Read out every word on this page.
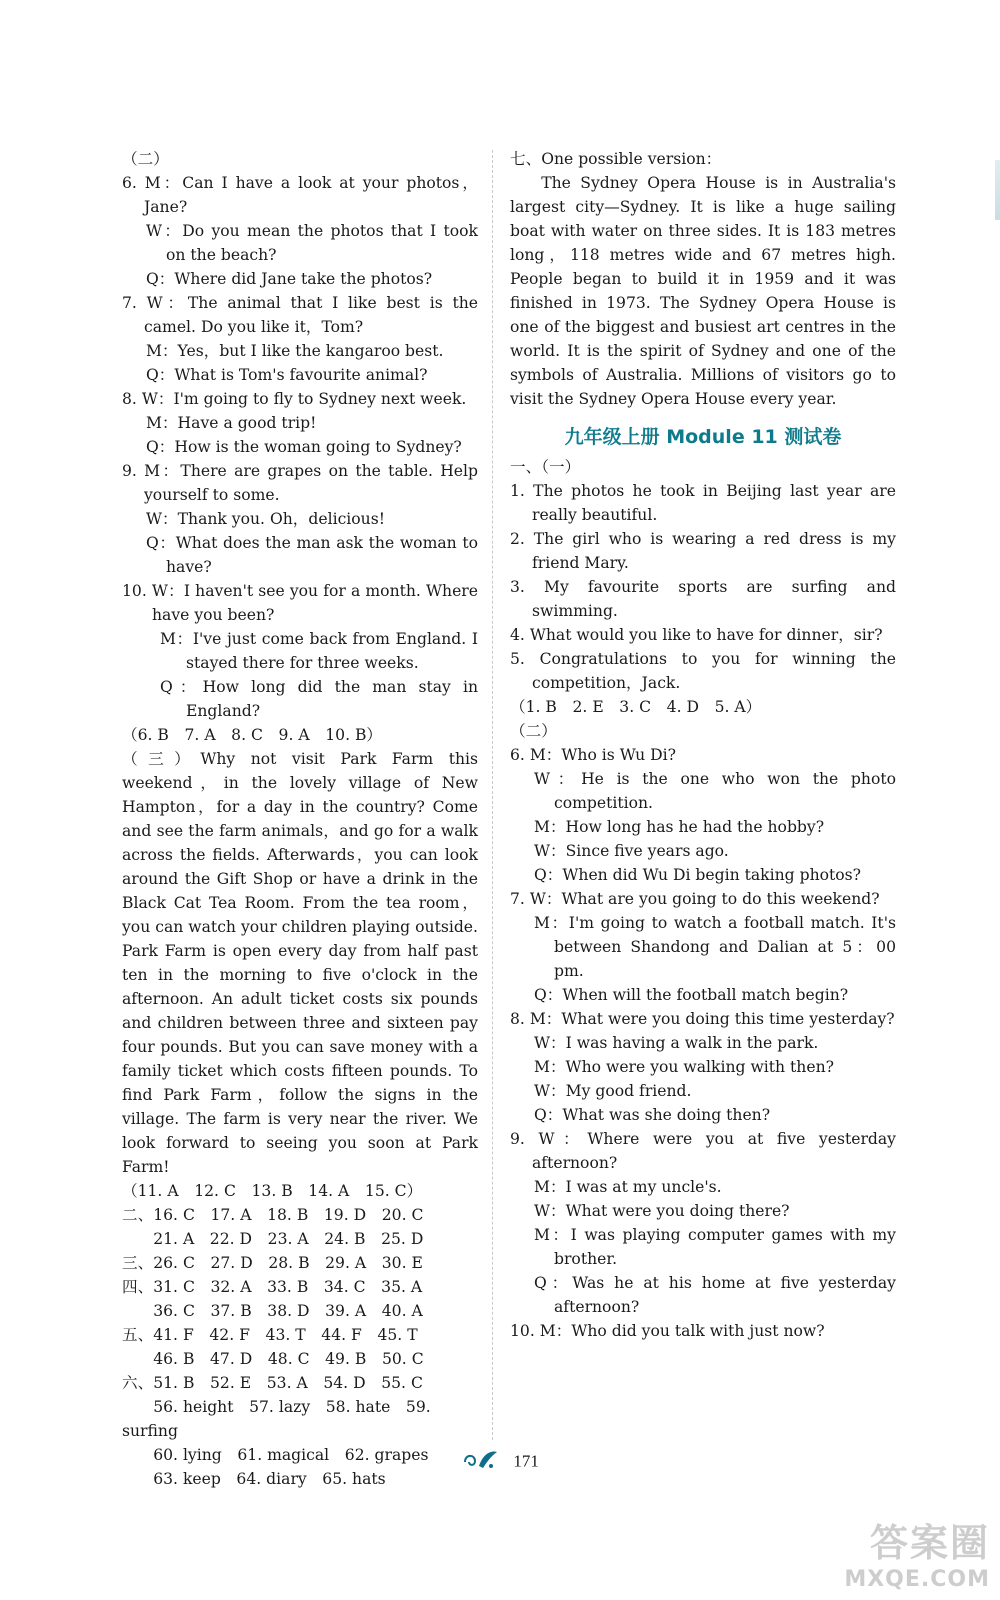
（二）
6. M：Can I have a look at your photos，Jane?
W：Do you mean the photos that I took on the beach?
Q：Where did Jane take the photos?
7. W：The animal that I like best is the camel. Do you like it，Tom?
M：Yes，but I like the kangaroo best.
Q：What is Tom's favourite animal?
8. W：I'm going to fly to Sydney next week.
M：Have a good trip!
Q：How is the woman going to Sydney?
9. M：There are grapes on the table. Help yourself to some.
W：Thank you. Oh，delicious!
Q：What does the man ask the woman to have?
10. W：I haven't see you for a month. Where have you been?
M：I've just come back from England. I stayed there for three weeks.
Q：How long did the man stay in England?
（6. B　7. A　8. C　9. A　10. B）
（三）Why not visit Park Farm this weekend，in the lovely village of New Hampton，for a day in the country? Come and see the farm animals，and go for a walk across the fields. Afterwards，you can look around the Gift Shop or have a drink in the Black Cat Tea Room. From the tea room，you can watch your children playing outside. Park Farm is open every day from half past ten in the morning to five o'clock in the afternoon. An adult ticket costs six pounds and children between three and sixteen pay four pounds. But you can save money with a family ticket which costs fifteen pounds. To find Park Farm，follow the signs in the village. The farm is very near the river. We look forward to seeing you soon at Park Farm!
（11. A　12. C　13. B　14. A　15. C）
二、16. C　17. A　18. B　19. D　20. C
　　21. A　22. D　23. A　24. B　25. D
三、26. C　27. D　28. B　29. A　30. E
四、31. C　32. A　33. B　34. C　35. A
　　36. C　37. B　38. D　39. A　40. A
五、41. F　42. F　43. T　44. F　45. T
　　46. B　47. D　48. C　49. B　50. C
六、51. B　52. E　53. A　54. D　55. C
　　56. height　57. lazy　58. hate　59. surfing
　　60. lying　61. magical　62. grapes
　　63. keep　64. diary　65. hats
七、One possible version：
The Sydney Opera House is in Australia's largest city—Sydney. It is like a huge sailing boat with water on three sides. It is 183 metres long，118 metres wide and 67 metres high. People began to build it in 1959 and it was finished in 1973. The Sydney Opera House is one of the biggest and busiest art centres in the world. It is the spirit of Sydney and one of the symbols of Australia. Millions of visitors go to visit the Sydney Opera House every year.
九年级上册 Module 11 测试卷
一、（一）
1. The photos he took in Beijing last year are really beautiful.
2. The girl who is wearing a red dress is my friend Mary.
3. My favourite sports are surfing and swimming.
4. What would you like to have for dinner，sir?
5. Congratulations to you for winning the competition，Jack.
（1. B　2. E　3. C　4. D　5. A）
（二）
6. M：Who is Wu Di?
W：He is the one who won the photo competition.
M：How long has he had the hobby?
W：Since five years ago.
Q：When did Wu Di begin taking photos?
7. W：What are you going to do this weekend?
M：I'm going to watch a football match. It's between Shandong and Dalian at 5：00 pm.
Q：When will the football match begin?
8. M：What were you doing this time yesterday?
W：I was having a walk in the park.
M：Who were you walking with then?
W：My good friend.
Q：What was she doing then?
9. W：Where were you at five yesterday afternoon?
M：I was at my uncle's.
W：What were you doing there?
M：I was playing computer games with my brother.
Q：Was he at his home at five yesterday afternoon?
10. M：Who did you talk with just now?
171
答案圈
MXQE.COM
